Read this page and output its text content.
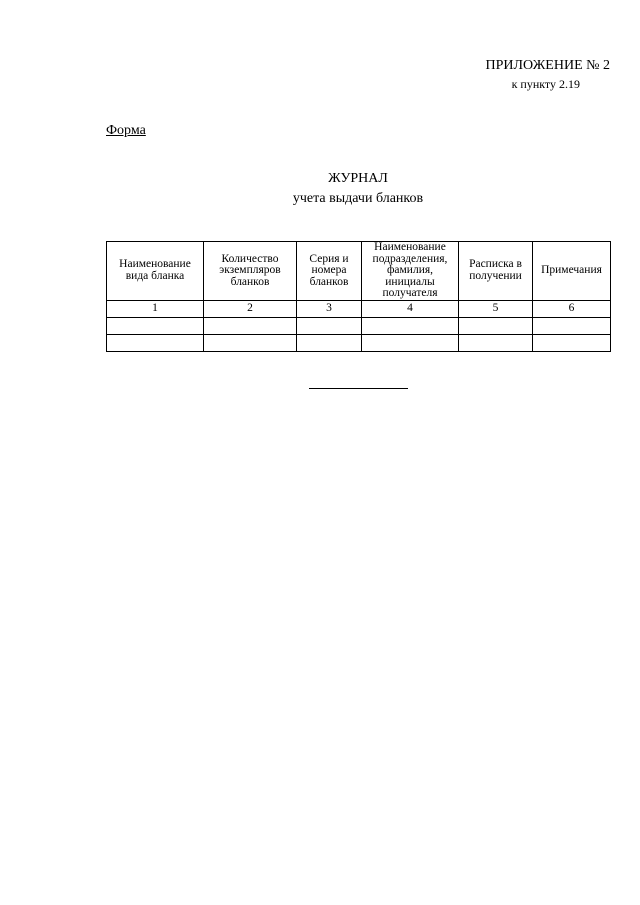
ПРИЛОЖЕНИЕ № 2
к пункту 2.19
Форма
ЖУРНАЛ
учета выдачи бланков
Наименование вида бланка	Количество экземпляров бланков	Серия и номера бланков	Наименование подразделения, фамилия, инициалы получателя	Расписка в получении	Примечания
1	2	3	4	5	6
